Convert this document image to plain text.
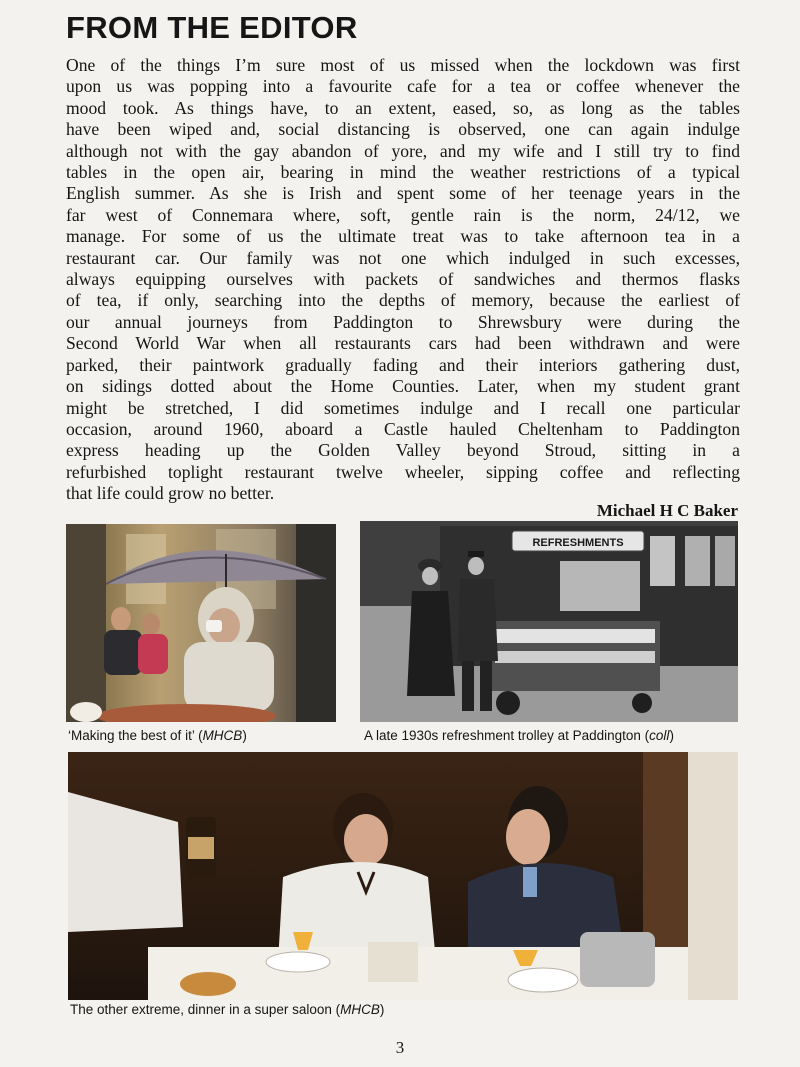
FROM THE EDITOR
One of the things I’m sure most of us missed when the lockdown was first
upon us was popping into a favourite cafe for a tea or coffee whenever the
mood took. As things have, to an extent, eased, so, as long as the tables
have been wiped and, social distancing is observed, one can again indulge
although not with the gay abandon of yore, and my wife and I still try to find
tables in the open air, bearing in mind the weather restrictions of a typical
English summer. As she is Irish and spent some of her teenage years in the
far west of Connemara where, soft, gentle rain is the norm, 24/12, we
manage. For some of us the ultimate treat was to take afternoon tea in a
restaurant car. Our family was not one which indulged in such excesses,
always equipping ourselves with packets of sandwiches and thermos flasks
of tea, if only, searching into the depths of memory, because the earliest of
our annual journeys from Paddington to Shrewsbury were during the
Second World War when all restaurants cars had been withdrawn and were
parked, their paintwork gradually fading and their interiors gathering dust,
on sidings dotted about the Home Counties. Later, when my student grant
might be stretched, I did sometimes indulge and I recall one particular
occasion, around 1960, aboard a Castle hauled Cheltenham to Paddington
express heading up the Golden Valley beyond Stroud, sitting in a
refurbished toplight restaurant twelve wheeler, sipping coffee and reflecting
that life could grow no better.
Michael H C Baker
‘Making the best of it’ (MHCB)
REFRESHMENTS
A late 1930s refreshment trolley at Paddington (coll)
The other extreme, dinner in a super saloon (MHCB)
3
